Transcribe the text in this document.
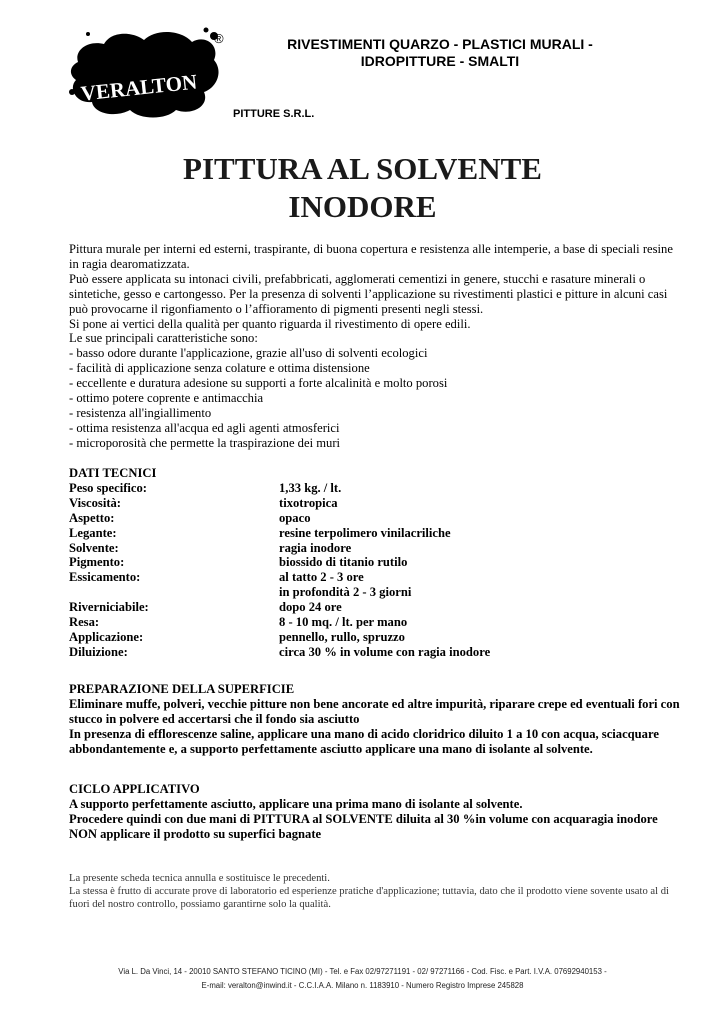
VERALTON
®	RIVESTIMENTI QUARZO - PLASTICI MURALI -
IDROPITTURE - SMALTI
PITTURE S.R.L.
PITTURA AL SOLVENTE
INODORE

Pittura murale per interni ed esterni, traspirante, di buona copertura e resistenza alle intemperie, a base di speciali resine in ragia dearomatizzata.

Può essere applicata su intonaci civili, prefabbricati, agglomerati cementizi in genere, stucchi e rasature minerali o sintetiche, gesso e cartongesso. Per la presenza di solventi l’applicazione su rivestimenti plastici e pitture in alcuni casi può provocarne il rigonfiamento o l’affioramento di pigmenti presenti negli stessi.

Si pone ai vertici della qualità per quanto riguarda il rivestimento di opere edili.

Le sue principali caratteristiche sono:

- basso odore durante l'applicazione, grazie all'uso di solventi ecologici

- facilità di applicazione senza colature e ottima distensione

- eccellente e duratura adesione su supporti a forte alcalinità e molto porosi

- ottimo potere coprente e antimacchia

- resistenza all'ingiallimento

- ottima resistenza all'acqua ed agli agenti atmosferici

- microporosità che permette la traspirazione dei muri

DATI TECNICI
Peso specifico:	1,33 kg. / lt.
Viscosità:	tixotropica
Aspetto:	opaco
Legante:	resine terpolimero vinilacriliche
Solvente:	ragia inodore
Pigmento:	biossido di titanio rutilo
Essicamento:	al tatto 2 - 3 ore
in profondità 2 - 3 giorni
Riverniciabile:	dopo 24 ore
Resa:	8 - 10 mq. / lt. per mano
Applicazione:	pennello, rullo, spruzzo
Diluizione:	circa 30 % in volume con ragia inodore
PREPARAZIONE DELLA SUPERFICIE

Eliminare muffe, polveri, vecchie pitture non bene ancorate ed altre impurità, riparare crepe ed eventuali fori con stucco in polvere ed accertarsi che il fondo sia asciutto

In presenza di efflorescenze saline, applicare una mano di acido cloridrico diluito 1 a 10 con acqua, sciacquare abbondantemente e, a supporto perfettamente asciutto applicare una mano di isolante al solvente.

CICLO APPLICATIVO

A supporto perfettamente asciutto, applicare una prima mano di isolante al solvente.

Procedere quindi con due mani di PITTURA al SOLVENTE diluita al 30 %in volume con acquaragia inodore

NON applicare il prodotto su superfici bagnate

La presente scheda tecnica annulla e sostituisce le precedenti.

La stessa è frutto di accurate prove di laboratorio ed esperienze pratiche d'applicazione; tuttavia, dato che il prodotto viene sovente usato al di fuori del nostro controllo, possiamo garantirne solo la qualità.

Via L. Da Vinci, 14 - 20010 SANTO STEFANO TICINO (MI) - Tel. e Fax 02/97271191 - 02/ 97271166 - Cod. Fisc. e Part. I.V.A. 07692940153 -
E-mail: veralton@inwind.it - C.C.I.A.A. Milano n. 1183910 - Numero Registro Imprese 245828
